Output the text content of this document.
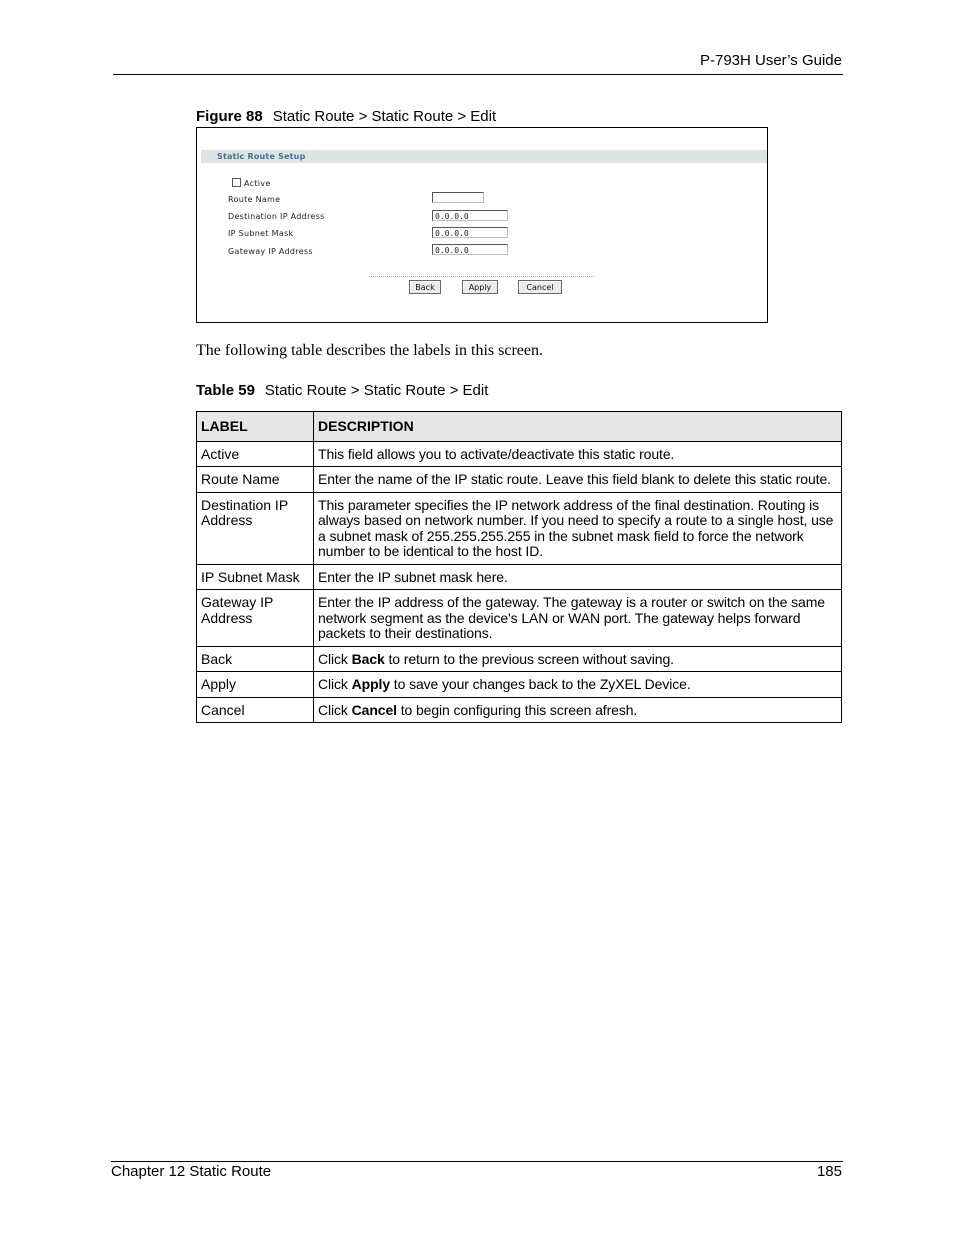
P-793H User’s Guide
Figure 88 Static Route > Static Route > Edit
Static Route Setup
Active
Route Name
Destination IP Address	0.0.0.0
IP Subnet Mask	0.0.0.0
Gateway IP Address	0.0.0.0
Back	Apply	Cancel
The following table describes the labels in this screen.
Table 59 Static Route > Static Route > Edit
LABEL	DESCRIPTION
Active	This field allows you to activate/deactivate this static route.
Route Name	Enter the name of the IP static route. Leave this field blank to delete this static route.
Destination IP Address	This parameter specifies the IP network address of the final destination. Routing is always based on network number. If you need to specify a route to a single host, use a subnet mask of 255.255.255.255 in the subnet mask field to force the network number to be identical to the host ID.
IP Subnet Mask	Enter the IP subnet mask here.
Gateway IP Address	Enter the IP address of the gateway. The gateway is a router or switch on the same network segment as the device's LAN or WAN port. The gateway helps forward packets to their destinations.
Back	Click Back to return to the previous screen without saving.
Apply	Click Apply to save your changes back to the ZyXEL Device.
Cancel	Click Cancel to begin configuring this screen afresh.
Chapter 12 Static Route	185
